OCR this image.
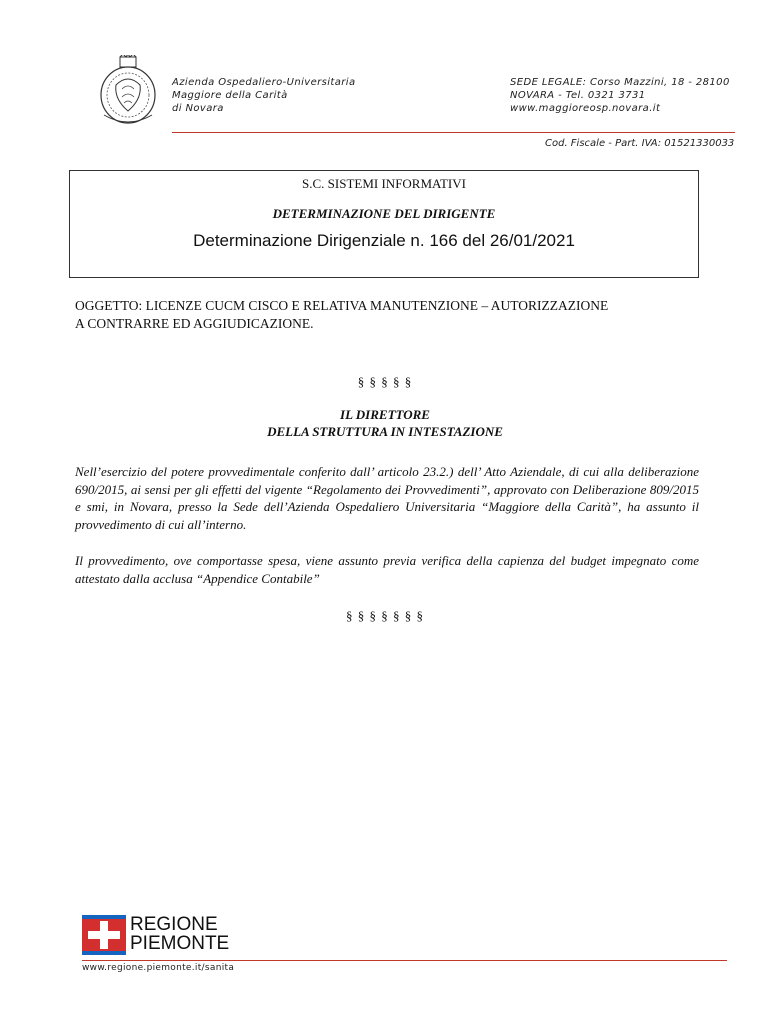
Azienda Ospedaliero-Universitaria
Maggiore della Carità
di Novara
SEDE LEGALE: Corso Mazzini, 18 - 28100
NOVARA - Tel. 0321 3731
www.maggioreosp.novara.it
Cod. Fiscale - Part. IVA: 01521330033
S.C. SISTEMI INFORMATIVI
DETERMINAZIONE DEL DIRIGENTE
Determinazione Dirigenziale n. 166 del 26/01/2021
OGGETTO: LICENZE CUCM CISCO E RELATIVA MANUTENZIONE – AUTORIZZAZIONE
A CONTRARRE ED AGGIUDICAZIONE.
§ § § § §
IL DIRETTORE
DELLA STRUTTURA IN INTESTAZIONE
Nell’esercizio del potere provvedimentale conferito dall’ articolo 23.2.) dell’ Atto Aziendale, di cui alla deliberazione 690/2015, ai sensi per gli effetti del vigente “Regolamento dei Provvedimenti”, approvato con Deliberazione 809/2015 e smi, in Novara, presso la Sede dell’Azienda Ospedaliero Universitaria “Maggiore della Carità”, ha assunto il provvedimento di cui all’interno.
Il provvedimento, ove comportasse spesa, viene assunto previa verifica della capienza del budget impegnato come attestato dalla acclusa “Appendice Contabile”
§ § § § § § §
REGIONE
PIEMONTE
www.regione.piemonte.it/sanita
